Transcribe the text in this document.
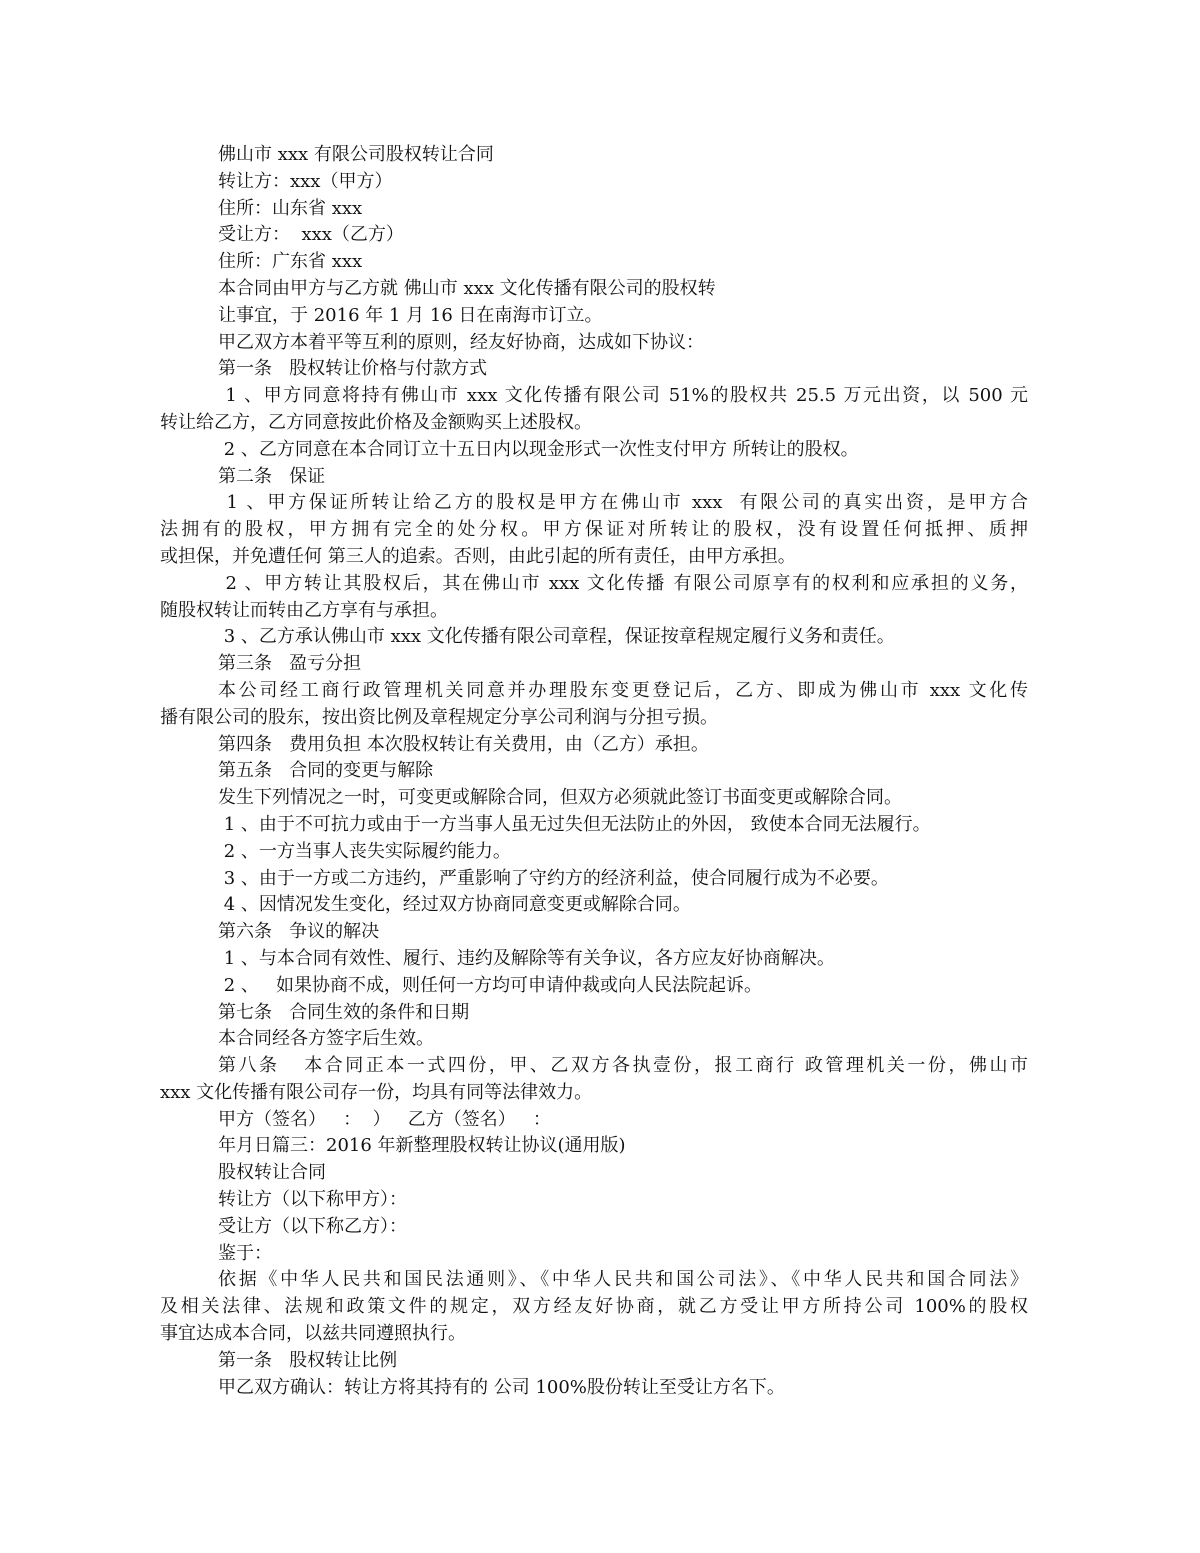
佛山市 xxx 有限公司股权转让合同
转让方：xxx（甲方）
住所：山东省 xxx
受让方：  xxx（乙方）
住所：广东省 xxx
本合同由甲方与乙方就 佛山市 xxx 文化传播有限公司的股权转
让事宜，于 2016 年 1 月 16 日在南海市订立。
甲乙双方本着平等互利的原则，经友好协商，达成如下协议：
第一条   股权转让价格与付款方式
1 、甲方同意将持有佛山市 xxx 文化传播有限公司 51%的股权共 25.5 万元出资，以 500 元
转让给乙方，乙方同意按此价格及金额购买上述股权。
2 、乙方同意在本合同订立十五日内以现金形式一次性支付甲方 所转让的股权。
第二条   保证
1 、甲方保证所转让给乙方的股权是甲方在佛山市 xxx  有限公司的真实出资，是甲方合
法拥有的股权，甲方拥有完全的处分权。甲方保证对所转让的股权，没有设置任何抵押、质押
或担保，并免遭任何 第三人的追索。否则，由此引起的所有责任，由甲方承担。
2 、甲方转让其股权后，其在佛山市 xxx 文化传播 有限公司原享有的权利和应承担的义务，
随股权转让而转由乙方享有与承担。
3 、乙方承认佛山市 xxx 文化传播有限公司章程，保证按章程规定履行义务和责任。
第三条   盈亏分担
本公司经工商行政管理机关同意并办理股东变更登记后，乙方、即成为佛山市 xxx 文化传
播有限公司的股东，按出资比例及章程规定分享公司利润与分担亏损。
第四条   费用负担 本次股权转让有关费用，由（乙方）承担。
第五条   合同的变更与解除
发生下列情况之一时，可变更或解除合同，但双方必须就此签订书面变更或解除合同。
1 、由于不可抗力或由于一方当事人虽无过失但无法防止的外因， 致使本合同无法履行。
2 、一方当事人丧失实际履约能力。
3 、由于一方或二方违约，严重影响了守约方的经济利益，使合同履行成为不必要。
4 、因情况发生变化，经过双方协商同意变更或解除合同。
第六条   争议的解决
1 、与本合同有效性、履行、违约及解除等有关争议，各方应友好协商解决。
2 、   如果协商不成，则任何一方均可申请仲裁或向人民法院起诉。
第七条   合同生效的条件和日期
本合同经各方签字后生效。
第八条   本合同正本一式四份，甲、乙双方各执壹份，报工商行 政管理机关一份，佛山市
xxx 文化传播有限公司存一份，均具有同等法律效力。
甲方（签名）   ：  ）   乙方（签名）   ：
年月日篇三：2016 年新整理股权转让协议(通用版)
股权转让合同
转让方（以下称甲方）：
受让方（以下称乙方）：
鉴于：
依据《中华人民共和国民法通则》、《中华人民共和国公司法》、《中华人民共和国合同法》
及相关法律、法规和政策文件的规定，双方经友好协商，就乙方受让甲方所持公司 100%的股权
事宜达成本合同，以兹共同遵照执行。
第一条   股权转让比例
甲乙双方确认：转让方将其持有的 公司 100%股份转让至受让方名下。
